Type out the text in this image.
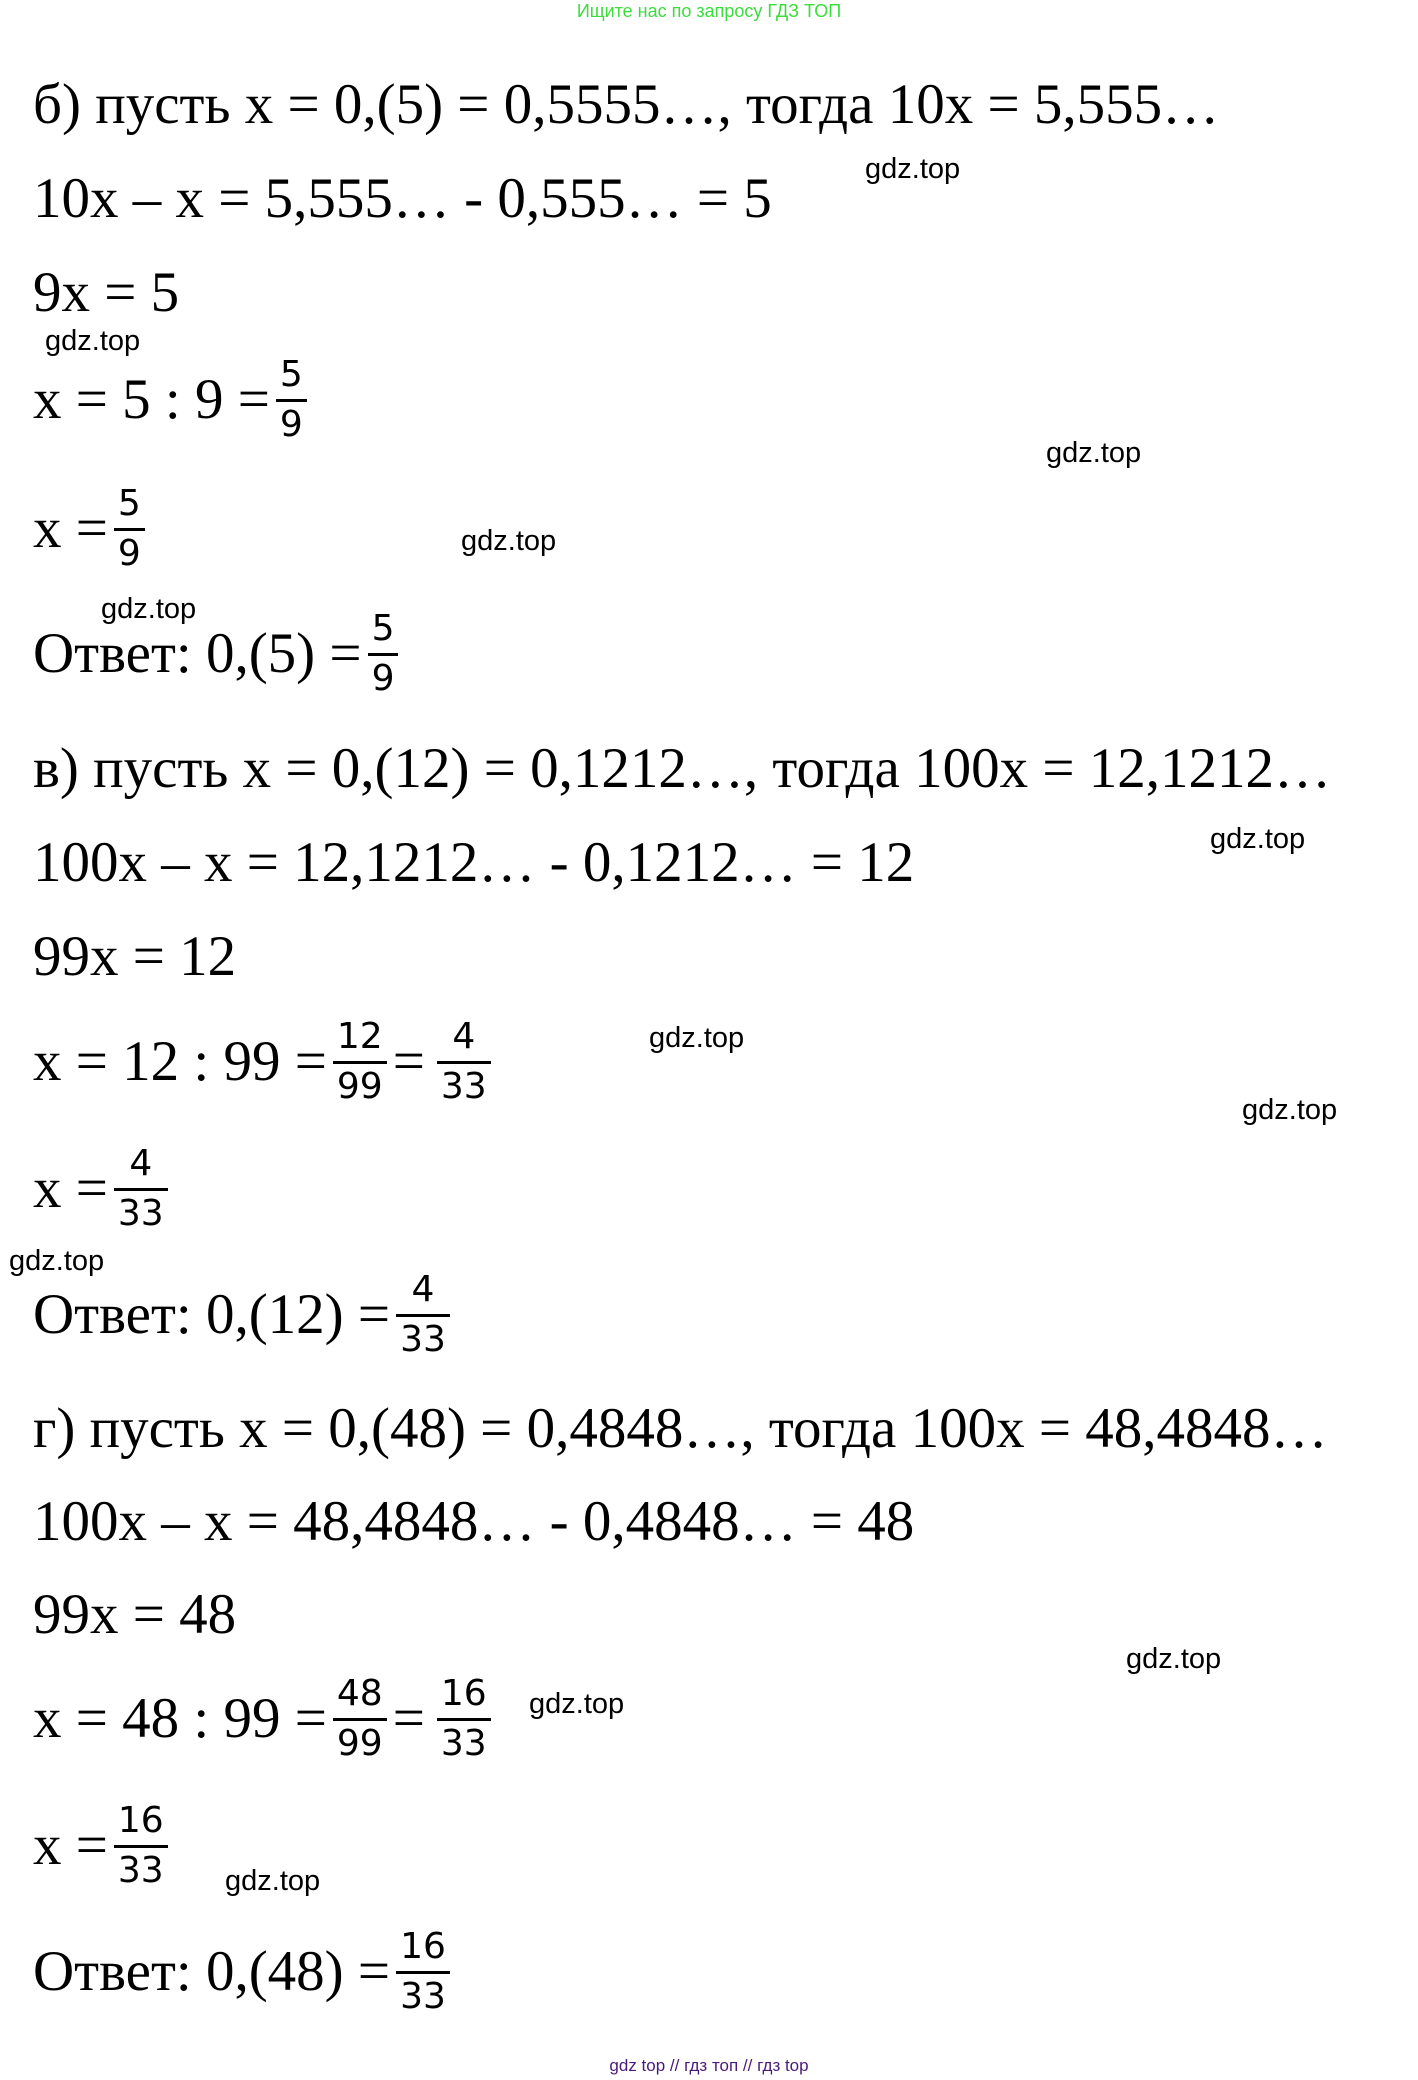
Ищите нас по запросу ГДЗ ТОП
б) пусть х = 0,(5) = 0,5555…, тогда 10х = 5,555…
10х – х = 5,555… - 0,555… = 5
9х = 5
х = 5 : $9 = \frac{5}{9}$
$х = \frac{5}{9}$
Ответ: $0,(5) = \frac{5}{9}$
в) пусть х = 0,(12) = 0,1212…, тогда 100х = 12,1212…
100х – х = 12,1212… - 0,1212… = 12
99х = 12
х = 12 : $99 = \frac{12}{99} = \frac{4}{33}$
$х = \frac{4}{33}$
Ответ: $0,(12) = \frac{4}{33}$
г) пусть х = 0,(48) = 0,4848…, тогда 100х = 48,4848…
100х – х = 48,4848… - 0,4848… = 48
99х = 48
х = 48 : $99 = \frac{48}{99} = \frac{16}{33}$
$х = \frac{16}{33}$
Ответ: $0,(48) = \frac{16}{33}$
gdz.top
gdz.top
gdz.top
gdz.top
gdz.top
gdz.top
gdz.top
gdz.top
gdz.top
gdz.top
gdz.top
gdz.top
gdz top // гдз топ // гдз top
